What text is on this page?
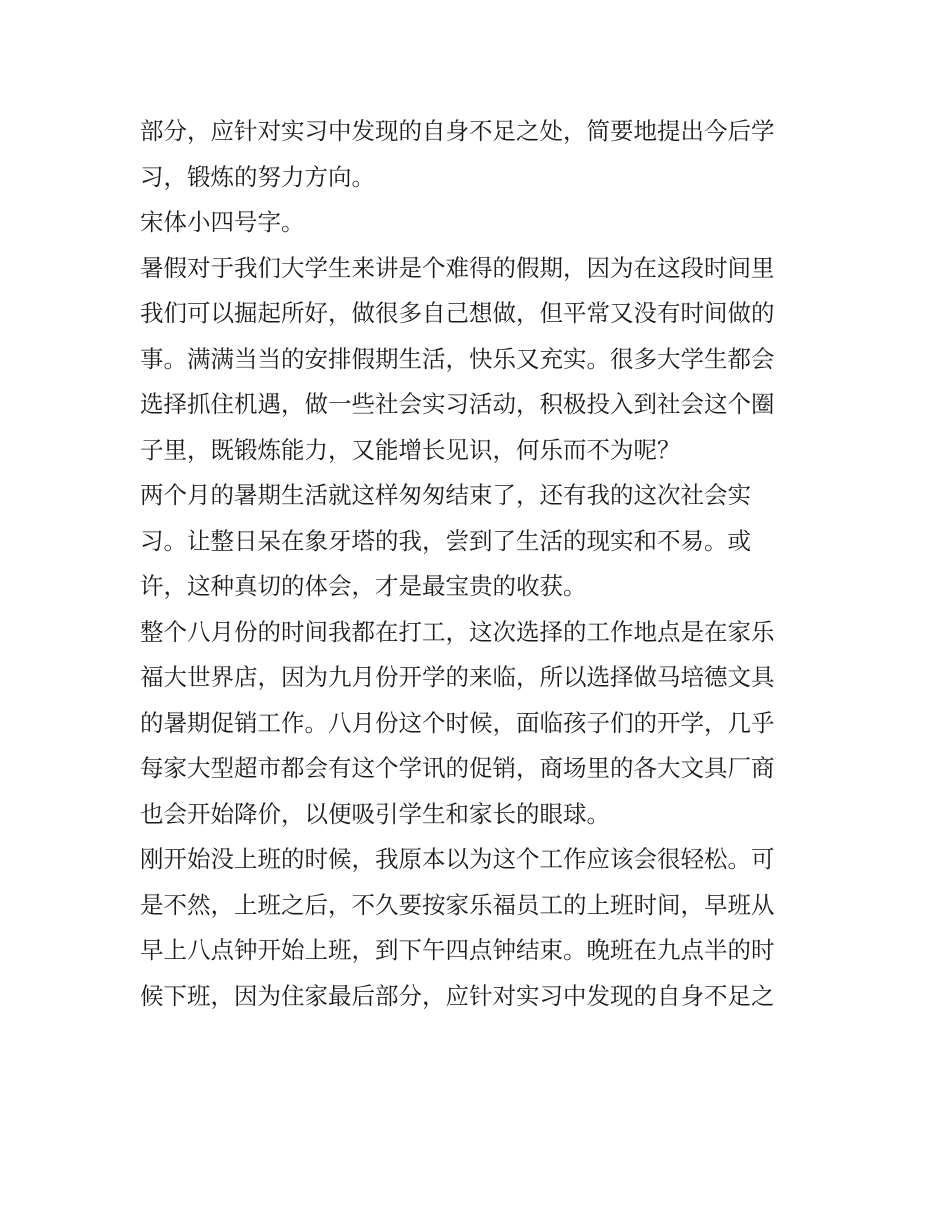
部分，应针对实习中发现的自身不足之处，简要地提出今后学
习，锻炼的努力方向。
宋体小四号字。
暑假对于我们大学生来讲是个难得的假期，因为在这段时间里
我们可以掘起所好，做很多自己想做，但平常又没有时间做的
事。满满当当的安排假期生活，快乐又充实。很多大学生都会
选择抓住机遇，做一些社会实习活动，积极投入到社会这个圈
子里，既锻炼能力，又能增长见识，何乐而不为呢？
两个月的暑期生活就这样匆匆结束了，还有我的这次社会实
习。让整日呆在象牙塔的我，尝到了生活的现实和不易。或
许，这种真切的体会，才是最宝贵的收获。
整个八月份的时间我都在打工，这次选择的工作地点是在家乐
福大世界店，因为九月份开学的来临，所以选择做马培德文具
的暑期促销工作。八月份这个时候，面临孩子们的开学，几乎
每家大型超市都会有这个学讯的促销，商场里的各大文具厂商
也会开始降价，以便吸引学生和家长的眼球。
刚开始没上班的时候，我原本以为这个工作应该会很轻松。可
是不然，上班之后，不久要按家乐福员工的上班时间，早班从
早上八点钟开始上班，到下午四点钟结束。晚班在九点半的时
候下班，因为住家最后部分，应针对实习中发现的自身不足之
